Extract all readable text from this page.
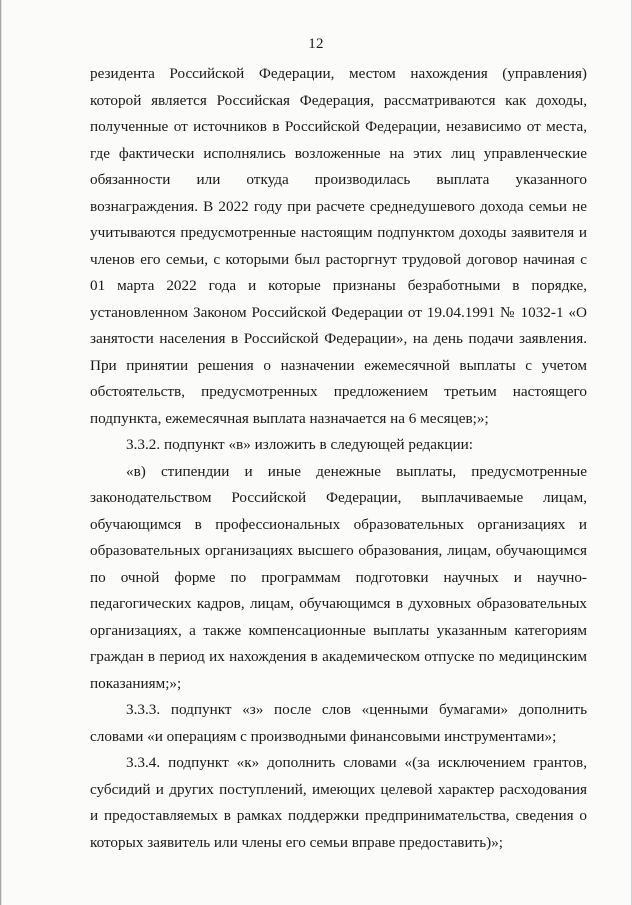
12

резидента Российской Федерации, местом нахождения (управления) которой является Российская Федерация, рассматриваются как доходы, полученные от источников в Российской Федерации, независимо от места, где фактически исполнялись возложенные на этих лиц управленческие обязанности или откуда производилась выплата указанного вознаграждения. В 2022 году при расчете среднедушевого дохода семьи не учитываются предусмотренные настоящим подпунктом доходы заявителя и членов его семьи, с которыми был расторгнут трудовой договор начиная с 01 марта 2022 года и которые признаны безработными в порядке, установленном Законом Российской Федерации от 19.04.1991 № 1032-1 «О занятости населения в Российской Федерации», на день подачи заявления. При принятии решения о назначении ежемесячной выплаты с учетом обстоятельств, предусмотренных предложением третьим настоящего подпункта, ежемесячная выплата назначается на 6 месяцев;»;

3.3.2. подпункт «в» изложить в следующей редакции:

«в) стипендии и иные денежные выплаты, предусмотренные законодательством Российской Федерации, выплачиваемые лицам, обучающимся в профессиональных образовательных организациях и образовательных организациях высшего образования, лицам, обучающимся по очной форме по программам подготовки научных и научно-педагогических кадров, лицам, обучающимся в духовных образовательных организациях, а также компенсационные выплаты указанным категориям граждан в период их нахождения в академическом отпуске по медицинским показаниям;»;

3.3.3. подпункт «з» после слов «ценными бумагами» дополнить словами «и операциям с производными финансовыми инструментами»;

3.3.4. подпункт «к» дополнить словами «(за исключением грантов, субсидий и других поступлений, имеющих целевой характер расходования и предоставляемых в рамках поддержки предпринимательства, сведения о которых заявитель или члены его семьи вправе предоставить)»;
